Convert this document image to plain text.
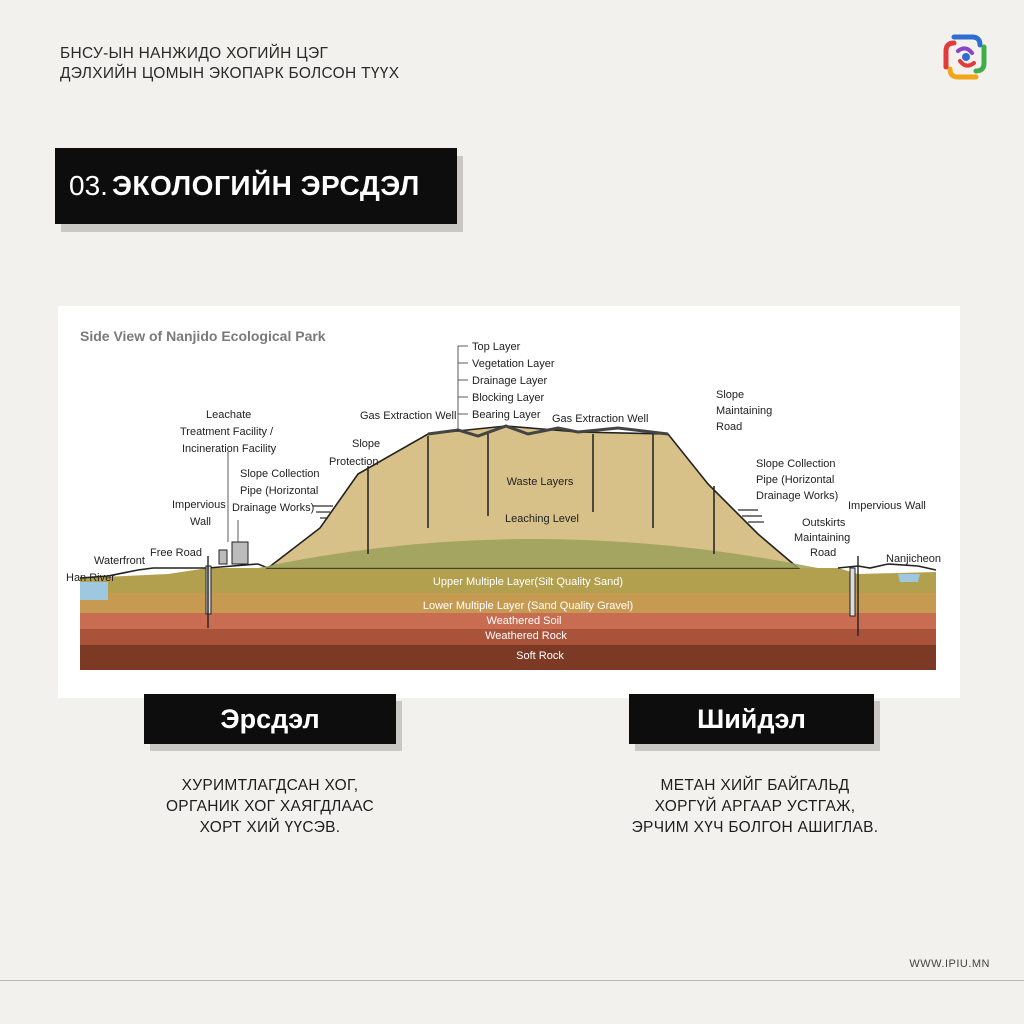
БНСУ-ЫН НАНЖИДО ХОГИЙН ЦЭГ
ДЭЛХИЙН ЦОМЫН ЭКОПАРК БОЛСОН ТҮҮХ
03. ЭКОЛОГИЙН ЭРСДЭЛ
Side View of Nanjido Ecological Park
Top Layer
Vegetation Layer
Drainage Layer
Blocking Layer
Bearing Layer
Gas Extraction Well	Gas Extraction Well
Leachate
Treatment Facility /
Incineration Facility	Slope
Protection
Slope Collection
Pipe (Horizontal
Drainage Works)
Impervious
Wall
Free Road
Waterfront
Han River
Slope
Maintaining
Road
Slope Collection
Pipe (Horizontal
Drainage Works)
Impervious Wall
Outskirts
Maintaining
Road	Nanjicheon
Waste Layers
Leaching Level
Upper Multiple Layer(Silt Quality Sand)
Lower Multiple Layer (Sand Quality Gravel)
Weathered Soil
Weathered Rock
Soft Rock
Эрсдэл	Шийдэл
ХУРИМТЛАГДСАН ХОГ,
ОРГАНИК ХОГ ХАЯГДЛААС
ХОРТ ХИЙ ҮҮСЭВ.
МЕТАН ХИЙГ БАЙГАЛЬД
ХОРГҮЙ АРГААР УСТГАЖ,
ЭРЧИМ ХҮЧ БОЛГОН АШИГЛАВ.
WWW.IPIU.MN
